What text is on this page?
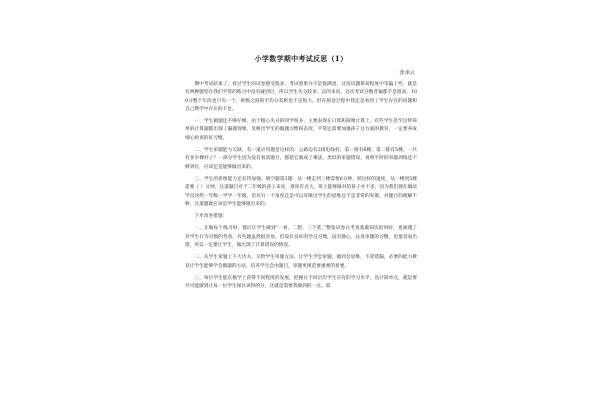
小学数学期中考试反思（1）
张承云

期中考试结束了，看过学生的试卷感受很多。考试效果并不是很满意，这份试题难易程度中等偏上些，就是有两种题型在我们平常的练习中没有碰到过，所以学生失分较多，总的来说，这次考试分数普遍都不是很高，100分整个年段也只有一个，班级之间的平均分差距也不是很大。但在阅卷过程中我还是看到了学生存在的问题和自己教学中存在的不足。

一、学生做题还不够仔细，由于粗心失分的同学很多，主要表现在口算和简便计算上，有些学生甚至这样简单的计算题都出现了漏题现象，反映出学生的做题习惯和态度，平常还需要加强孩子这方面的教育，一定要养成细心检查的好习惯。

二、学生审题能力欠缺，有一道应用题是这样的：公路边有2排电线杆，第一排有6棵，第二排有5棵，一共有多少棵杆子？一部分学生因为没有看清题目，都把它做成了乘法，类似的审题错误，说明平时的审题训练还不够到位，应该还是能够做出来的。

三、学生的思维能力还有待加强。填空题第3题：从一楼走到三楼需要6分钟，照这样的速度，从一楼到5楼需要（ ）分钟，这道题目对于二年级的孩子来说，难度有点大，班上能够做对的孩子并不多，因为我们现在做法学员这给一年级一学学一年级，但从另一个角度还是可以反映出学生的思维还不是非常的发散，对题目的理解不够，这道题就应该是学生能够做出来的。

下步改进措施：

一、在做每个练习时，都应让学生做到“一看、二想、三下笔。”整张试卷在考查基础知识的同时，也渗透了对学生行为习惯的考查，有些题虽然很容易，但没有良好的学习习惯，没有静心，认真审题的习惯，也很容易出错，所以一定要让学生，做出现了计算错误的情况。

二、从学生审题上下大功夫，交给学生审题方法，让学生学会审题，做到会思维，不读错漏，必要的能力教育让学生能够学会做题的方法，培养学生会由题目，审题更规范要重要的着要。

三、每位学生能在数学上获得不同程度的发展，把握在不同层次学生应有的学习水平，设计简单点，就是要尽可能做到让每一位学生保住该得的分，这就是需要我做到的一点。需
